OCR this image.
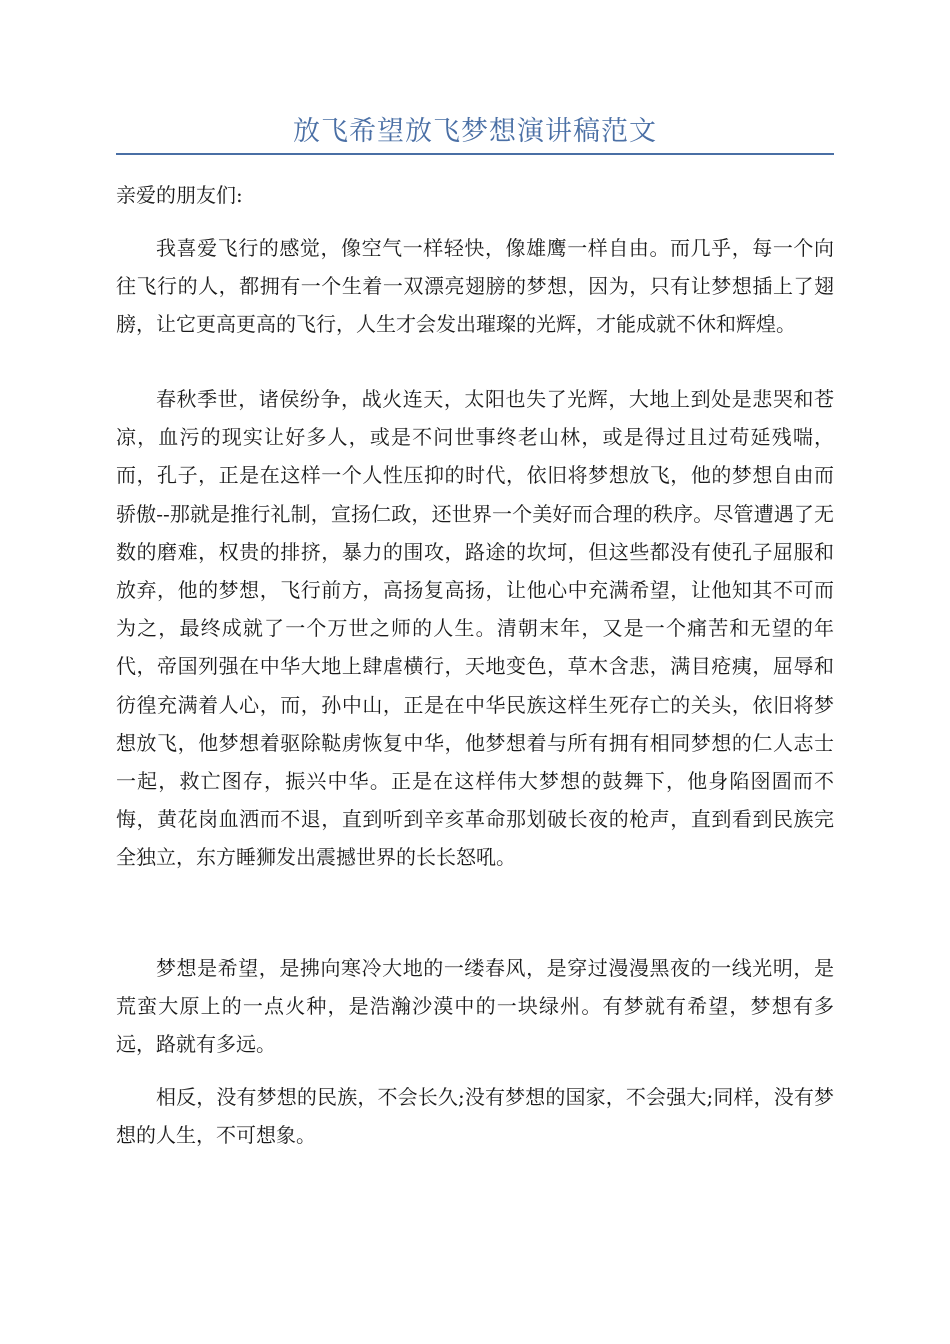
放飞希望放飞梦想演讲稿范文

亲爱的朋友们:

我喜爱飞行的感觉，像空气一样轻快，像雄鹰一样自由。而几乎，每一个向往飞行的人，都拥有一个生着一双漂亮翅膀的梦想，因为，只有让梦想插上了翅膀，让它更高更高的飞行，人生才会发出璀璨的光辉，才能成就不休和辉煌。

春秋季世，诸侯纷争，战火连天，太阳也失了光辉，大地上到处是悲哭和苍凉，血污的现实让好多人，或是不问世事终老山林，或是得过且过苟延残喘，而，孔子，正是在这样一个人性压抑的时代，依旧将梦想放飞，他的梦想自由而骄傲--那就是推行礼制，宣扬仁政，还世界一个美好而合理的秩序。尽管遭遇了无数的磨难，权贵的排挤，暴力的围攻，路途的坎坷，但这些都没有使孔子屈服和放弃，他的梦想，飞行前方，高扬复高扬，让他心中充满希望，让他知其不可而为之，最终成就了一个万世之师的人生。清朝末年，又是一个痛苦和无望的年代，帝国列强在中华大地上肆虐横行，天地变色，草木含悲，满目疮痍，屈辱和彷徨充满着人心，而，孙中山，正是在中华民族这样生死存亡的关头，依旧将梦想放飞，他梦想着驱除鞑虏恢复中华，他梦想着与所有拥有相同梦想的仁人志士一起，救亡图存，振兴中华。正是在这样伟大梦想的鼓舞下，他身陷囹圄而不悔，黄花岗血洒而不退，直到听到辛亥革命那划破长夜的枪声，直到看到民族完全独立，东方睡狮发出震撼世界的长长怒吼。

梦想是希望，是拂向寒冷大地的一缕春风，是穿过漫漫黑夜的一线光明，是荒蛮大原上的一点火种，是浩瀚沙漠中的一块绿州。有梦就有希望，梦想有多远，路就有多远。

相反，没有梦想的民族，不会长久;没有梦想的国家，不会强大;同样，没有梦想的人生，不可想象。
